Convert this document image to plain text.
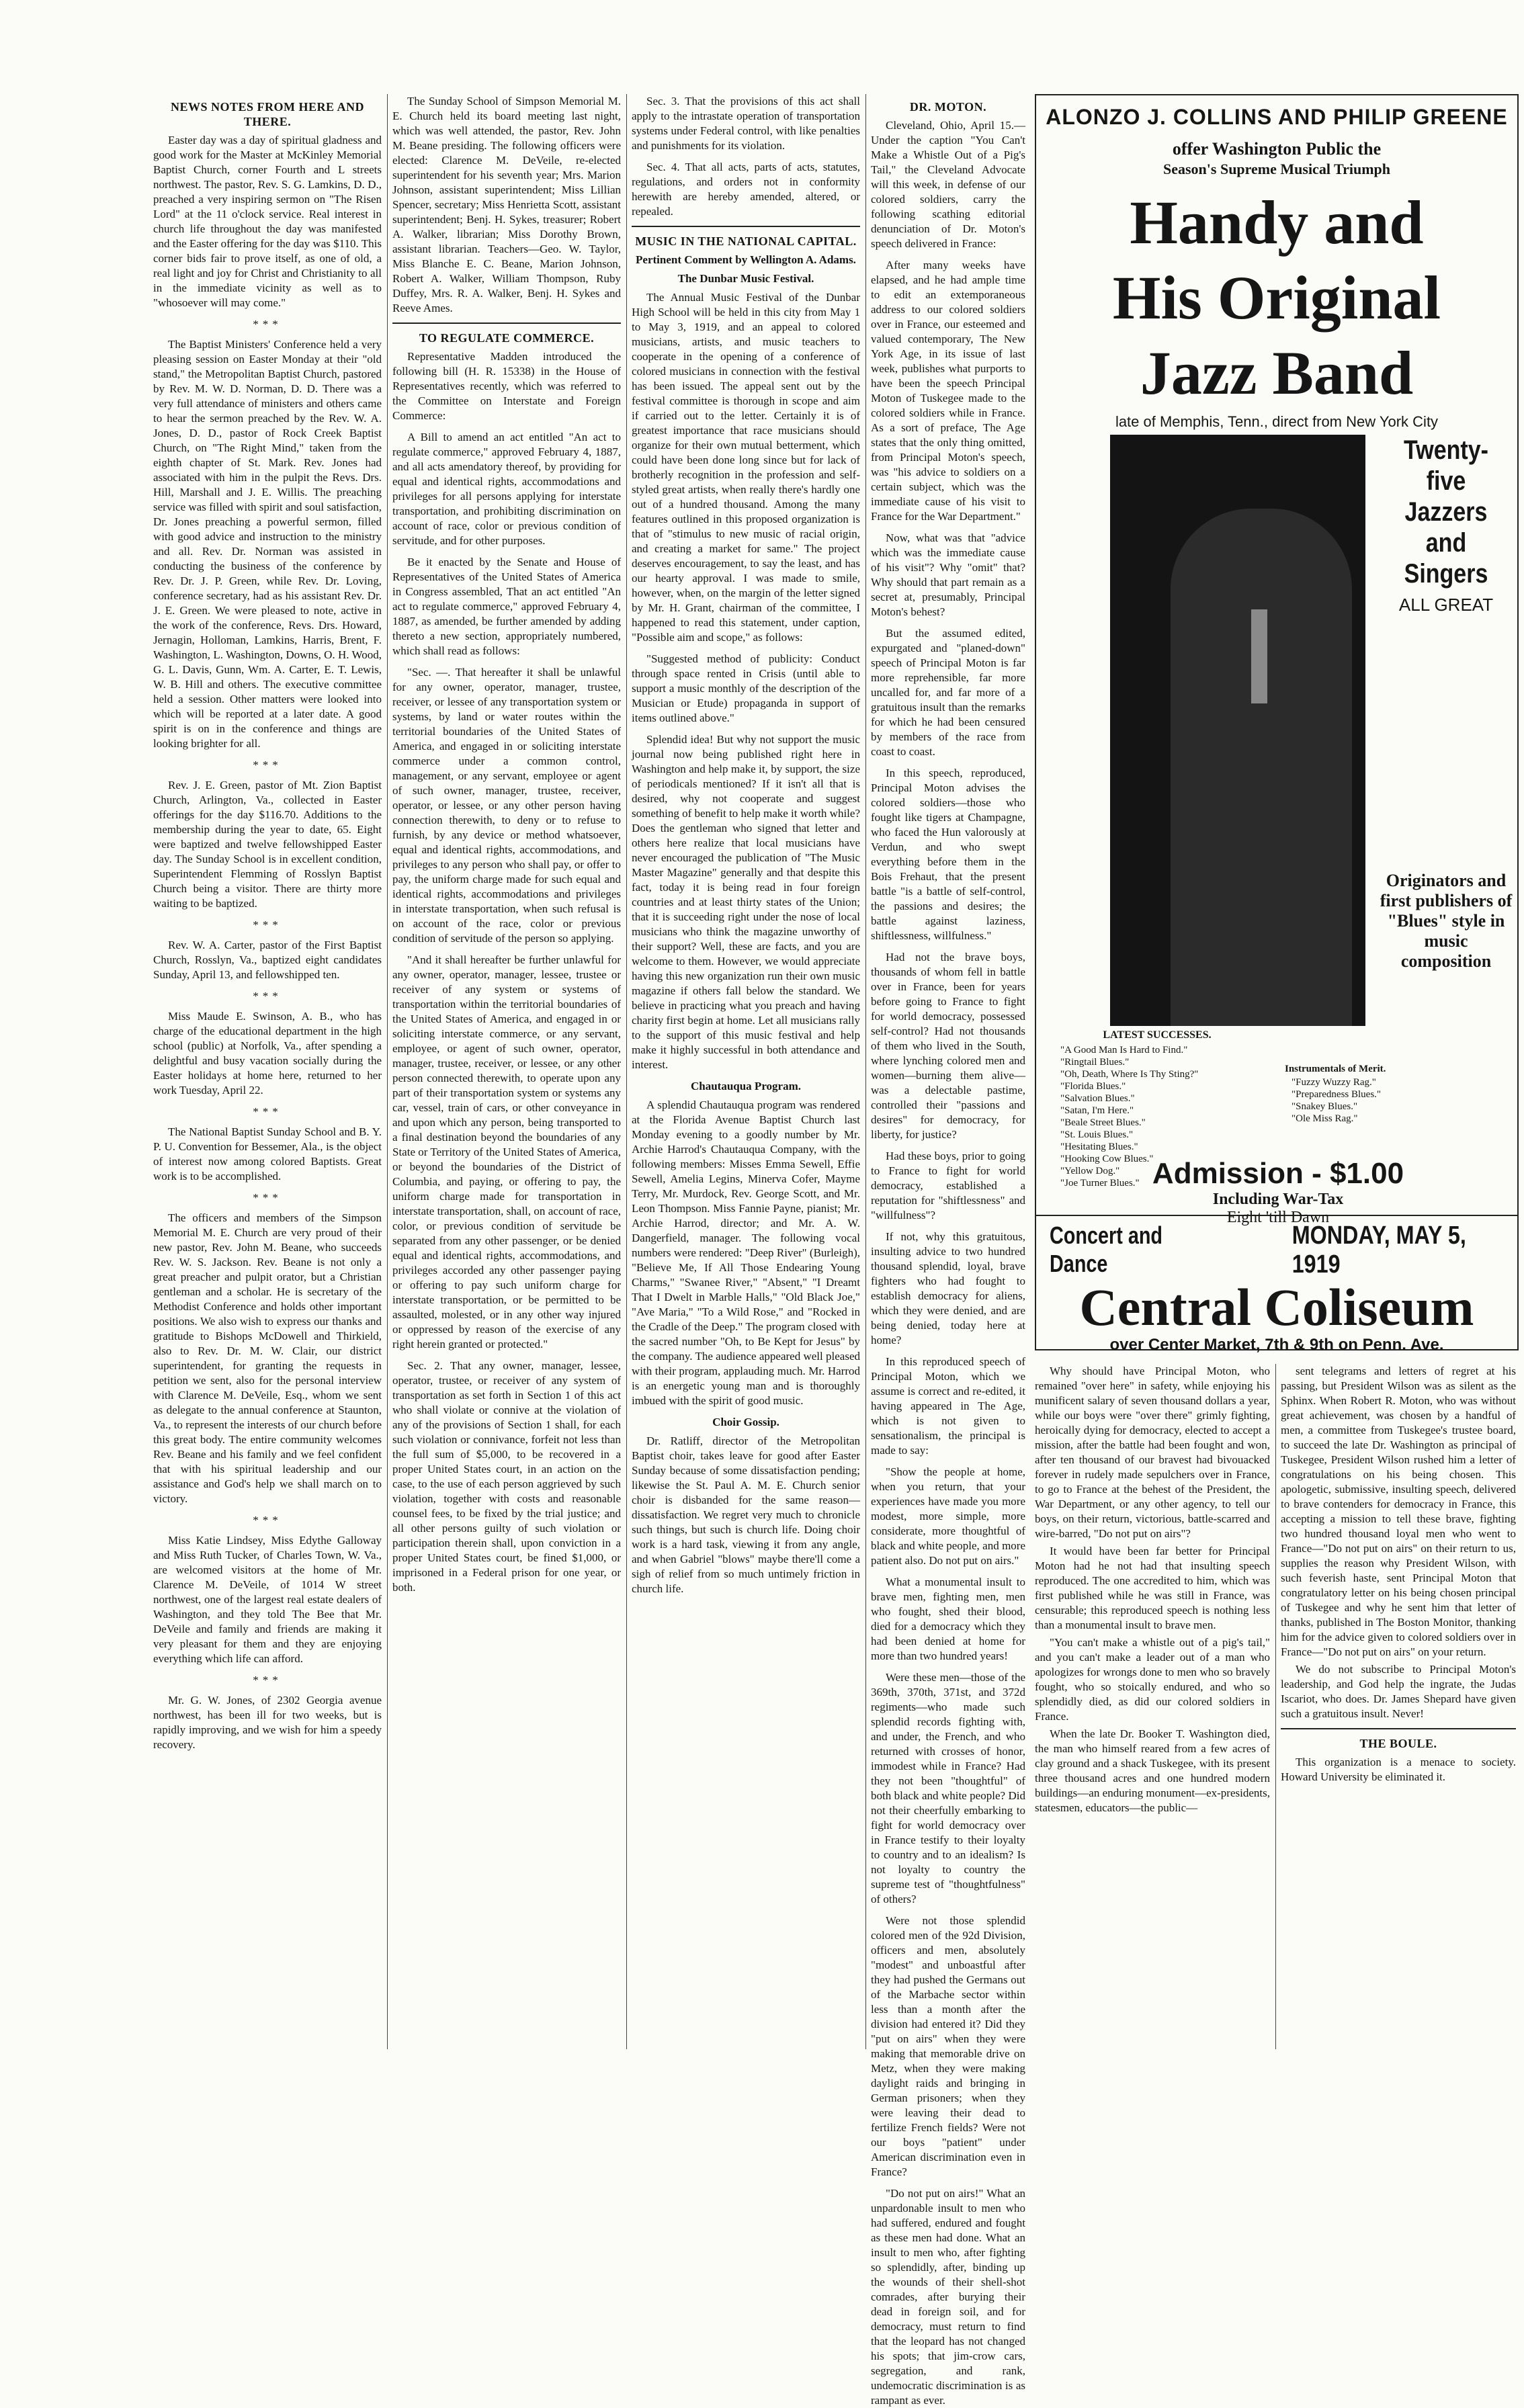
NEWS NOTES FROM HERE AND THERE.

Easter day was a day of spiritual gladness and good work for the Master at McKinley Memorial Baptist Church, corner Fourth and L streets northwest. The pastor, Rev. S. G. Lamkins, D. D., preached a very inspiring sermon on "The Risen Lord" at the 11 o'clock service. Real interest in church life throughout the day was manifested and the Easter offering for the day was $110. This corner bids fair to prove itself, as one of old, a real light and joy for Christ and Christianity to all in the immediate vicinity as well as to "whosoever will may come."

***

The Baptist Ministers' Conference held a very pleasing session on Easter Monday at their "old stand," the Metropolitan Baptist Church, pastored by Rev. M. W. D. Norman, D. D. There was a very full attendance of ministers and others came to hear the sermon preached by the Rev. W. A. Jones, D. D., pastor of Rock Creek Baptist Church, on "The Right Mind," taken from the eighth chapter of St. Mark. Rev. Jones had associated with him in the pulpit the Revs. Drs. Hill, Marshall and J. E. Willis. The preaching service was filled with spirit and soul satisfaction, Dr. Jones preaching a powerful sermon, filled with good advice and instruction to the ministry and all. Rev. Dr. Norman was assisted in conducting the business of the conference by Rev. Dr. J. P. Green, while Rev. Dr. Loving, conference secretary, had as his assistant Rev. Dr. J. E. Green. We were pleased to note, active in the work of the conference, Revs. Drs. Howard, Jernagin, Holloman, Lamkins, Harris, Brent, F. Washington, L. Washington, Downs, O. H. Wood, G. L. Davis, Gunn, Wm. A. Carter, E. T. Lewis, W. B. Hill and others. The executive committee held a session. Other matters were looked into which will be reported at a later date. A good spirit is on in the conference and things are looking brighter for all.

***

Rev. J. E. Green, pastor of Mt. Zion Baptist Church, Arlington, Va., collected in Easter offerings for the day $116.70. Additions to the membership during the year to date, 65. Eight were baptized and twelve fellowshipped Easter day. The Sunday School is in excellent condition, Superintendent Flemming of Rosslyn Baptist Church being a visitor. There are thirty more waiting to be baptized.

***

Rev. W. A. Carter, pastor of the First Baptist Church, Rosslyn, Va., baptized eight candidates Sunday, April 13, and fellowshipped ten.

***

Miss Maude E. Swinson, A. B., who has charge of the educational department in the high school (public) at Norfolk, Va., after spending a delightful and busy vacation socially during the Easter holidays at home here, returned to her work Tuesday, April 22.

***

The National Baptist Sunday School and B. Y. P. U. Convention for Bessemer, Ala., is the object of interest now among colored Baptists. Great work is to be accomplished.

***

The officers and members of the Simpson Memorial M. E. Church are very proud of their new pastor, Rev. John M. Beane, who succeeds Rev. W. S. Jackson. Rev. Beane is not only a great preacher and pulpit orator, but a Christian gentleman and a scholar. He is secretary of the Methodist Conference and holds other important positions. We also wish to express our thanks and gratitude to Bishops McDowell and Thirkield, also to Rev. Dr. M. W. Clair, our district superintendent, for granting the requests in petition we sent, also for the personal interview with Clarence M. DeVeile, Esq., whom we sent as delegate to the annual conference at Staunton, Va., to represent the interests of our church before this great body. The entire community welcomes Rev. Beane and his family and we feel confident that with his spiritual leadership and our assistance and God's help we shall march on to victory.

***

Miss Katie Lindsey, Miss Edythe Galloway and Miss Ruth Tucker, of Charles Town, W. Va., are welcomed visitors at the home of Mr. Clarence M. DeVeile, of 1014 W street northwest, one of the largest real estate dealers of Washington, and they told The Bee that Mr. DeVeile and family and friends are making it very pleasant for them and they are enjoying everything which life can afford.

***

Mr. G. W. Jones, of 2302 Georgia avenue northwest, has been ill for two weeks, but is rapidly improving, and we wish for him a speedy recovery.

The Sunday School of Simpson Memorial M. E. Church held its board meeting last night, which was well attended, the pastor, Rev. John M. Beane presiding. The following officers were elected: Clarence M. DeVeile, re-elected superintendent for his seventh year; Mrs. Marion Johnson, assistant superintendent; Miss Lillian Spencer, secretary; Miss Henrietta Scott, assistant superintendent; Benj. H. Sykes, treasurer; Robert A. Walker, librarian; Miss Dorothy Brown, assistant librarian. Teachers—Geo. W. Taylor, Miss Blanche E. C. Beane, Marion Johnson, Robert A. Walker, William Thompson, Ruby Duffey, Mrs. R. A. Walker, Benj. H. Sykes and Reeve Ames.

TO REGULATE COMMERCE.

Representative Madden introduced the following bill (H. R. 15338) in the House of Representatives recently, which was referred to the Committee on Interstate and Foreign Commerce:

A Bill to amend an act entitled "An act to regulate commerce," approved February 4, 1887, and all acts amendatory thereof, by providing for equal and identical rights, accommodations and privileges for all persons applying for interstate transportation, and prohibiting discrimination on account of race, color or previous condition of servitude, and for other purposes.

Be it enacted by the Senate and House of Representatives of the United States of America in Congress assembled, That an act entitled "An act to regulate commerce," approved February 4, 1887, as amended, be further amended by adding thereto a new section, appropriately numbered, which shall read as follows:

"Sec. —. That hereafter it shall be unlawful for any owner, operator, manager, trustee, receiver, or lessee of any transportation system or systems, by land or water routes within the territorial boundaries of the United States of America, and engaged in or soliciting interstate commerce under a common control, management, or any servant, employee or agent of such owner, manager, trustee, receiver, operator, or lessee, or any other person having connection therewith, to deny or to refuse to furnish, by any device or method whatsoever, equal and identical rights, accommodations, and privileges to any person who shall pay, or offer to pay, the uniform charge made for such equal and identical rights, accommodations and privileges in interstate transportation, when such refusal is on account of the race, color or previous condition of servitude of the person so applying.

"And it shall hereafter be further unlawful for any owner, operator, manager, lessee, trustee or receiver of any system or systems of transportation within the territorial boundaries of the United States of America, and engaged in or soliciting interstate commerce, or any servant, employee, or agent of such owner, operator, manager, trustee, receiver, or lessee, or any other person connected therewith, to operate upon any part of their transportation system or systems any car, vessel, train of cars, or other conveyance in and upon which any person, being transported to a final destination beyond the boundaries of any State or Territory of the United States of America, or beyond the boundaries of the District of Columbia, and paying, or offering to pay, the uniform charge made for transportation in interstate transportation, shall, on account of race, color, or previous condition of servitude be separated from any other passenger, or be denied equal and identical rights, accommodations, and privileges accorded any other passenger paying or offering to pay such uniform charge for interstate transportation, or be permitted to be assaulted, molested, or in any other way injured or oppressed by reason of the exercise of any right herein granted or protected."

Sec. 2. That any owner, manager, lessee, operator, trustee, or receiver of any system of transportation as set forth in Section 1 of this act who shall violate or connive at the violation of any of the provisions of Section 1 shall, for each such violation or connivance, forfeit not less than the full sum of $5,000, to be recovered in a proper United States court, in an action on the case, to the use of each person aggrieved by such violation, together with costs and reasonable counsel fees, to be fixed by the trial justice; and all other persons guilty of such violation or participation therein shall, upon conviction in a proper United States court, be fined $1,000, or imprisoned in a Federal prison for one year, or both.

Sec. 3. That the provisions of this act shall apply to the intrastate operation of transportation systems under Federal control, with like penalties and punishments for its violation.

Sec. 4. That all acts, parts of acts, statutes, regulations, and orders not in conformity herewith are hereby amended, altered, or repealed.

MUSIC IN THE NATIONAL CAPITAL.
Pertinent Comment by Wellington A. Adams.
The Dunbar Music Festival.

The Annual Music Festival of the Dunbar High School will be held in this city from May 1 to May 3, 1919, and an appeal to colored musicians, artists, and music teachers to cooperate in the opening of a conference of colored musicians in connection with the festival has been issued. The appeal sent out by the festival committee is thorough in scope and aim if carried out to the letter. Certainly it is of greatest importance that race musicians should organize for their own mutual betterment, which could have been done long since but for lack of brotherly recognition in the profession and self-styled great artists, when really there's hardly one out of a hundred thousand. Among the many features outlined in this proposed organization is that of "stimulus to new music of racial origin, and creating a market for same." The project deserves encouragement, to say the least, and has our hearty approval. I was made to smile, however, when, on the margin of the letter signed by Mr. H. Grant, chairman of the committee, I happened to read this statement, under caption, "Possible aim and scope," as follows:

"Suggested method of publicity: Conduct through space rented in Crisis (until able to support a music monthly of the description of the Musician or Etude) propaganda in support of items outlined above."

Splendid idea! But why not support the music journal now being published right here in Washington and help make it, by support, the size of periodicals mentioned? If it isn't all that is desired, why not cooperate and suggest something of benefit to help make it worth while? Does the gentleman who signed that letter and others here realize that local musicians have never encouraged the publication of "The Music Master Magazine" generally and that despite this fact, today it is being read in four foreign countries and at least thirty states of the Union; that it is succeeding right under the nose of local musicians who think the magazine unworthy of their support? Well, these are facts, and you are welcome to them. However, we would appreciate having this new organization run their own music magazine if others fall below the standard. We believe in practicing what you preach and having charity first begin at home. Let all musicians rally to the support of this music festival and help make it highly successful in both attendance and interest.

Chautauqua Program.

A splendid Chautauqua program was rendered at the Florida Avenue Baptist Church last Monday evening to a goodly number by Mr. Archie Harrod's Chautauqua Company, with the following members: Misses Emma Sewell, Effie Sewell, Amelia Legins, Minerva Cofer, Mayme Terry, Mr. Murdock, Rev. George Scott, and Mr. Leon Thompson. Miss Fannie Payne, pianist; Mr. Archie Harrod, director; and Mr. A. W. Dangerfield, manager. The following vocal numbers were rendered: "Deep River" (Burleigh), "Believe Me, If All Those Endearing Young Charms," "Swanee River," "Absent," "I Dreamt That I Dwelt in Marble Halls," "Old Black Joe," "Ave Maria," "To a Wild Rose," and "Rocked in the Cradle of the Deep." The program closed with the sacred number "Oh, to Be Kept for Jesus" by the company. The audience appeared well pleased with their program, applauding much. Mr. Harrod is an energetic young man and is thoroughly imbued with the spirit of good music.

Choir Gossip.

Dr. Ratliff, director of the Metropolitan Baptist choir, takes leave for good after Easter Sunday because of some dissatisfaction pending; likewise the St. Paul A. M. E. Church senior choir is disbanded for the same reason—dissatisfaction. We regret very much to chronicle such things, but such is church life. Doing choir work is a hard task, viewing it from any angle, and when Gabriel "blows" maybe there'll come a sigh of relief from so much untimely friction in church life.

DR. MOTON.

Cleveland, Ohio, April 15.—Under the caption "You Can't Make a Whistle Out of a Pig's Tail," the Cleveland Advocate will this week, in defense of our colored soldiers, carry the following scathing editorial denunciation of Dr. Moton's speech delivered in France:

After many weeks have elapsed, and he had ample time to edit an extemporaneous address to our colored soldiers over in France, our esteemed and valued contemporary, The New York Age, in its issue of last week, publishes what purports to have been the speech Principal Moton of Tuskegee made to the colored soldiers while in France. As a sort of preface, The Age states that the only thing omitted, from Principal Moton's speech, was "his advice to soldiers on a certain subject, which was the immediate cause of his visit to France for the War Department."

Now, what was that "advice which was the immediate cause of his visit"? Why "omit" that? Why should that part remain as a secret at, presumably, Principal Moton's behest?

But the assumed edited, expurgated and "planed-down" speech of Principal Moton is far more reprehensible, far more uncalled for, and far more of a gratuitous insult than the remarks for which he had been censured by members of the race from coast to coast.

In this speech, reproduced, Principal Moton advises the colored soldiers—those who fought like tigers at Champagne, who faced the Hun valorously at Verdun, and who swept everything before them in the Bois Frehaut, that the present battle "is a battle of self-control, the passions and desires; the battle against laziness, shiftlessness, willfulness."

Had not the brave boys, thousands of whom fell in battle over in France, been for years before going to France to fight for world democracy, possessed self-control? Had not thousands of them who lived in the South, where lynching colored men and women—burning them alive—was a delectable pastime, controlled their "passions and desires" for democracy, for liberty, for justice?

Had these boys, prior to going to France to fight for world democracy, established a reputation for "shiftlessness" and "willfulness"?

If not, why this gratuitous, insulting advice to two hundred thousand splendid, loyal, brave fighters who had fought to establish democracy for aliens, which they were denied, and are being denied, today here at home?

In this reproduced speech of Principal Moton, which we assume is correct and re-edited, it having appeared in The Age, which is not given to sensationalism, the principal is made to say:

"Show the people at home, when you return, that your experiences have made you more modest, more simple, more considerate, more thoughtful of black and white people, and more patient also. Do not put on airs."

What a monumental insult to brave men, fighting men, men who fought, shed their blood, died for a democracy which they had been denied at home for more than two hundred years!

Were these men—those of the 369th, 370th, 371st, and 372d regiments—who made such splendid records fighting with, and under, the French, and who returned with crosses of honor, immodest while in France? Had they not been "thoughtful" of both black and white people? Did not their cheerfully embarking to fight for world democracy over in France testify to their loyalty to country and to an idealism? Is not loyalty to country the supreme test of "thoughtfulness" of others?

Were not those splendid colored men of the 92d Division, officers and men, absolutely "modest" and unboastful after they had pushed the Germans out of the Marbache sector within less than a month after the division had entered it? Did they "put on airs" when they were making that memorable drive on Metz, when they were making daylight raids and bringing in German prisoners; when they were leaving their dead to fertilize French fields? Were not our boys "patient" under American discrimination even in France?

"Do not put on airs!" What an unpardonable insult to men who had suffered, endured and fought as these men had done. What an insult to men who, after fighting so splendidly, after, binding up the wounds of their shell-shot comrades, after burying their dead in foreign soil, and for democracy, must return to find that the leopard has not changed his spots; that jim-crow cars, segregation, and rank, undemocratic discrimination is as rampant as ever.

ALONZO J. COLLINS AND PHILIP GREENE
offer Washington Public the
Season's Supreme Musical Triumph
Handy and
His Original
Jazz Band
late of Memphis, Tenn., direct from New York City
Twenty-five Jazzers and
Singers
ALL GREAT
Originators and first publishers of "Blues" style in music composition
LATEST SUCCESSES.
"A Good Man Is Hard to Find."
"Ringtail Blues."
"Oh, Death, Where Is Thy Sting?"
"Florida Blues."
"Salvation Blues."
"Satan, I'm Here."
"Beale Street Blues."
"St. Louis Blues."
"Hesitating Blues."
"Hooking Cow Blues."
"Yellow Dog."
"Joe Turner Blues."
Instrumentals of Merit.
"Fuzzy Wuzzy Rag."
"Preparedness Blues."
"Snakey Blues."
"Ole Miss Rag."
Admission - $1.00
Including War-Tax
Eight 'till Dawn
Concert and Dance
MONDAY, MAY 5, 1919
Central Coliseum
over Center Market, 7th & 9th on Penn. Ave.

Why should have Principal Moton, who remained "over here" in safety, while enjoying his munificent salary of seven thousand dollars a year, while our boys were "over there" grimly fighting, heroically dying for democracy, elected to accept a mission, after the battle had been fought and won, after ten thousand of our bravest had bivouacked forever in rudely made sepulchers over in France, to go to France at the behest of the President, the War Department, or any other agency, to tell our boys, on their return, victorious, battle-scarred and wire-barred, "Do not put on airs"?

It would have been far better for Principal Moton had he not had that insulting speech reproduced. The one accredited to him, which was first published while he was still in France, was censurable; this reproduced speech is nothing less than a monumental insult to brave men.

"You can't make a whistle out of a pig's tail," and you can't make a leader out of a man who apologizes for wrongs done to men who so bravely fought, who so stoically endured, and who so splendidly died, as did our colored soldiers in France.

When the late Dr. Booker T. Washington died, the man who himself reared from a few acres of clay ground and a shack Tuskegee, with its present three thousand acres and one hundred modern buildings—an enduring monument—ex-presidents, statesmen, educators—the public—

sent telegrams and letters of regret at his passing, but President Wilson was as silent as the Sphinx. When Robert R. Moton, who was without great achievement, was chosen by a handful of men, a committee from Tuskegee's trustee board, to succeed the late Dr. Washington as principal of Tuskegee, President Wilson rushed him a letter of congratulations on his being chosen. This apologetic, submissive, insulting speech, delivered to brave contenders for democracy in France, this accepting a mission to tell these brave, fighting two hundred thousand loyal men who went to France—"Do not put on airs" on their return to us, supplies the reason why President Wilson, with such feverish haste, sent Principal Moton that congratulatory letter on his being chosen principal of Tuskegee and why he sent him that letter of thanks, published in The Boston Monitor, thanking him for the advice given to colored soldiers over in France—"Do not put on airs" on your return.

We do not subscribe to Principal Moton's leadership, and God help the ingrate, the Judas Iscariot, who does. Dr. James Shepard have given such a gratuitous insult. Never!

THE BOULE.

This organization is a menace to society. Howard University be eliminated it.
